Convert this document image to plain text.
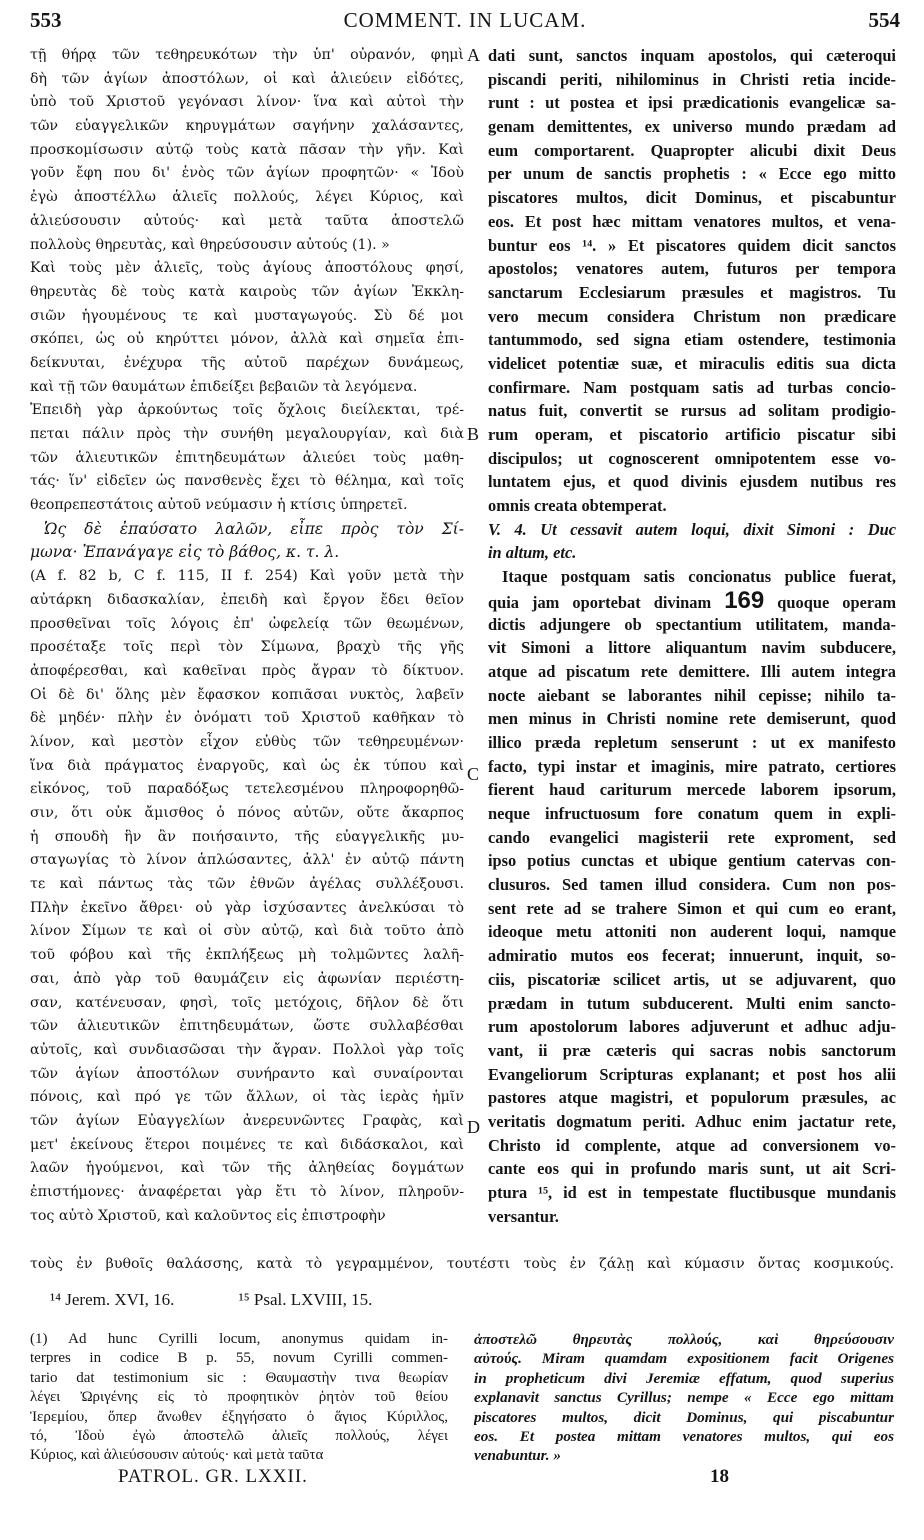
553	COMMENT. IN LUCAM.	554
τῇ θήρᾳ τῶν τεθηρευκότων τὴν ὑπ' οὐρανόν, φημὶ
δὴ τῶν ἁγίων ἀποστόλων, οἱ καὶ ἁλιεύειν εἰδότες,
ὑπὸ τοῦ Χριστοῦ γεγόνασι λίνον· ἵνα καὶ αὐτοὶ τὴν
τῶν εὐαγγελικῶν κηρυγμάτων σαγήνην χαλάσαντες,
προσκομίσωσιν αὐτῷ τοὺς κατὰ πᾶσαν τὴν γῆν. Καὶ
γοῦν ἔφη που δι' ἑνὸς τῶν ἁγίων προφητῶν· « Ἰδοὺ
ἐγὼ ἀποστέλλω ἁλιεῖς πολλούς, λέγει Κύριος, καὶ
ἁλιεύσουσιν αὐτούς· καὶ μετὰ ταῦτα ἀποστελῶ
πολλοὺς θηρευτὰς, καὶ θηρεύσουσιν αὐτούς (1). »
Καὶ τοὺς μὲν ἁλιεῖς, τοὺς ἁγίους ἀποστόλους φησί,
θηρευτὰς δὲ τοὺς κατὰ καιροὺς τῶν ἁγίων Ἐκκλη-
σιῶν ἡγουμένους τε καὶ μυσταγωγούς. Σὺ δέ μοι
σκόπει, ὡς οὐ κηρύττει μόνον, ἀλλὰ καὶ σημεῖα ἐπι-
δείκνυται, ἐνέχυρα τῆς αὐτοῦ παρέχων δυνάμεως,
καὶ τῇ τῶν θαυμάτων ἐπιδείξει βεβαιῶν τὰ λεγόμενα.
Ἐπειδὴ γὰρ ἀρκούντως τοῖς ὄχλοις διείλεκται, τρέ-
πεται πάλιν πρὸς τὴν συνήθη μεγαλουργίαν, καὶ διὰ
τῶν ἁλιευτικῶν ἐπιτηδευμάτων ἁλιεύει τοὺς μαθη-
τάς· ἵν' εἰδεῖεν ὡς πανσθενὲς ἔχει τὸ θέλημα, καὶ τοῖς
θεοπρεπεστάτοις αὐτοῦ νεύμασιν ἡ κτίσις ὑπηρετεῖ.
Ὡς δὲ ἐπαύσατο λαλῶν, εἶπε πρὸς τὸν Σί-
μωνα· Ἐπανάγαγε εἰς τὸ βάθος, κ. τ. λ.
(A f. 82 b, C f. 115, II f. 254) Καὶ γοῦν μετὰ τὴν
αὐτάρκη διδασκαλίαν, ἐπειδὴ καὶ ἔργον ἔδει θεῖον
προσθεῖναι τοῖς λόγοις ἐπ' ὠφελείᾳ τῶν θεωμένων,
προσέταξε τοῖς περὶ τὸν Σίμωνα, βραχὺ τῆς γῆς
ἀποφέρεσθαι, καὶ καθεῖναι πρὸς ἄγραν τὸ δίκτυον.
Οἱ δὲ δι' ὅλης μὲν ἔφασκον κοπιᾶσαι νυκτὸς, λαβεῖν
δὲ μηδέν· πλὴν ἐν ὀνόματι τοῦ Χριστοῦ καθῆκαν τὸ
λίνον, καὶ μεστὸν εἶχον εὐθὺς τῶν τεθηρευμένων·
ἵνα διὰ πράγματος ἐναργοῦς, καὶ ὡς ἐκ τύπου καὶ
εἰκόνος, τοῦ παραδόξως τετελεσμένου πληροφορηθῶ-
σιν, ὅτι οὐκ ἄμισθος ὁ πόνος αὐτῶν, οὔτε ἄκαρπος
ἡ σπουδὴ ἣν ἂν ποιήσαιντο, τῆς εὐαγγελικῆς μυ-
σταγωγίας τὸ λίνον ἁπλώσαντες, ἀλλ' ἐν αὐτῷ πάντη
τε καὶ πάντως τὰς τῶν ἐθνῶν ἀγέλας συλλέξουσι.
Πλὴν ἐκεῖνο ἄθρει· οὐ γὰρ ἰσχύσαντες ἀνελκύσαι τὸ
λίνον Σίμων τε καὶ οἱ σὺν αὐτῷ, καὶ διὰ τοῦτο ἀπὸ
τοῦ φόβου καὶ τῆς ἐκπλήξεως μὴ τολμῶντες λαλῆ-
σαι, ἀπὸ γὰρ τοῦ θαυμάζειν εἰς ἀφωνίαν περιέστη-
σαν, κατένευσαν, φησὶ, τοῖς μετόχοις, δῆλον δὲ ὅτι
τῶν ἁλιευτικῶν ἐπιτηδευμάτων, ὥστε συλλαβέσθαι
αὐτοῖς, καὶ συνδιασῶσαι τὴν ἄγραν. Πολλοὶ γὰρ τοῖς
τῶν ἁγίων ἀποστόλων συνήραντο καὶ συναίρονται
πόνοις, καὶ πρό γε τῶν ἄλλων, οἱ τὰς ἱερὰς ἡμῖν
τῶν ἁγίων Εὐαγγελίων ἀνερευνῶντες Γραφὰς, καὶ
μετ' ἐκείνους ἕτεροι ποιμένες τε καὶ διδάσκαλοι, καὶ
λαῶν ἡγούμενοι, καὶ τῶν τῆς ἀληθείας δογμάτων
ἐπιστήμονες· ἀναφέρεται γὰρ ἔτι τὸ λίνον, πληροῦν-
τος αὐτὸ Χριστοῦ, καὶ καλοῦντος εἰς ἐπιστροφὴν
dati sunt, sanctos inquam apostolos, qui cæteroqui
piscandi periti, nihilominus in Christi retia incide-
runt : ut postea et ipsi prædicationis evangelicæ sa-
genam demittentes, ex universo mundo prædam ad
eum comportarent. Quapropter alicubi dixit Deus
per unum de sanctis prophetis : « Ecce ego mitto
piscatores multos, dicit Dominus, et piscabuntur
eos. Et post hæc mittam venatores multos, et vena-
buntur eos ¹⁴. » Et piscatores quidem dicit sanctos
apostolos; venatores autem, futuros per tempora
sanctarum Ecclesiarum præsules et magistros. Tu
vero mecum considera Christum non prædicare
tantummodo, sed signa etiam ostendere, testimonia
videlicet potentiæ suæ, et miraculis editis sua dicta
confirmare. Nam postquam satis ad turbas concio-
natus fuit, convertit se rursus ad solitam prodigio-
rum operam, et piscatorio artificio piscatur sibi
discipulos; ut cognoscerent omnipotentem esse vo-
luntatem ejus, et quod divinis ejusdem nutibus res
omnis creata obtemperat.
V. 4. Ut cessavit autem loqui, dixit Simoni : Duc
in altum, etc.
Itaque postquam satis concionatus publice fuerat,
quia jam oportebat divinam 169 quoque operam
dictis adjungere ob spectantium utilitatem, manda-
vit Simoni a littore aliquantum navim subducere,
atque ad piscatum rete demittere. Illi autem integra
nocte aiebant se laborantes nihil cepisse; nihilo ta-
men minus in Christi nomine rete demiserunt, quod
illico præda repletum senserunt : ut ex manifesto
facto, typi instar et imaginis, mire patrato, certiores
fierent haud cariturum mercede laborem ipsorum,
neque infructuosum fore conatum quem in expli-
cando evangelici magisterii rete exproment, sed
ipso potius cunctas et ubique gentium catervas con-
clusuros. Sed tamen illud considera. Cum non pos-
sent rete ad se trahere Simon et qui cum eo erant,
ideoque metu attoniti non auderent loqui, namque
admiratio mutos eos fecerat; innuerunt, inquit, so-
ciis, piscatoriæ scilicet artis, ut se adjuvarent, quo
prædam in tutum subducerent. Multi enim sancto-
rum apostolorum labores adjuverunt et adhuc adju-
vant, ii præ cæteris qui sacras nobis sanctorum
Evangeliorum Scripturas explanant; et post hos alii
pastores atque magistri, et populorum præsules, ac
veritatis dogmatum periti. Adhuc enim jactatur rete,
Christo id complente, atque ad conversionem vo-
cante eos qui in profundo maris sunt, ut ait Scri-
ptura ¹⁵, id est in tempestate fluctibusque mundanis
versantur.
A
B
C
D
τοὺς ἐν βυθοῖς θαλάσσης, κατὰ τὸ γεγραμμένον, τουτέστι τοὺς ἐν ζάλῃ καὶ κύμασιν ὄντας κοσμικούς.
¹⁴ Jerem. XVI, 16.	¹⁵ Psal. LXVIII, 15.
(1) Ad hunc Cyrilli locum, anonymus quidam in-
terpres in codice B p. 55, novum Cyrilli commen-
tario dat testimonium sic : Θαυμαστὴν τινα θεωρίαν
λέγει Ὠριγένης εἰς τὸ προφητικὸν ῥητὸν τοῦ θείου
Ἱερεμίου, ὅπερ ἄνωθεν ἐξηγήσατο ὁ ἅγιος Κύριλλος,
τό, Ἰδοὺ ἐγὼ ἀποστελῶ ἁλιεῖς πολλούς, λέγει
Κύριος, καὶ ἁλιεύσουσιν αὐτούς· καὶ μετὰ ταῦτα
ἀποστελῶ θηρευτὰς πολλούς, καὶ θηρεύσουσιν
αὐτούς. Miram quamdam expositionem facit Origenes
in propheticum divi Jeremiæ effatum, quod superius
explanavit sanctus Cyrillus; nempe « Ecce ego mittam
piscatores multos, dicit Dominus, qui piscabuntur
eos. Et postea mittam venatores multos, qui eos
venabuntur. »
PATROL. GR. LXXII.	18
